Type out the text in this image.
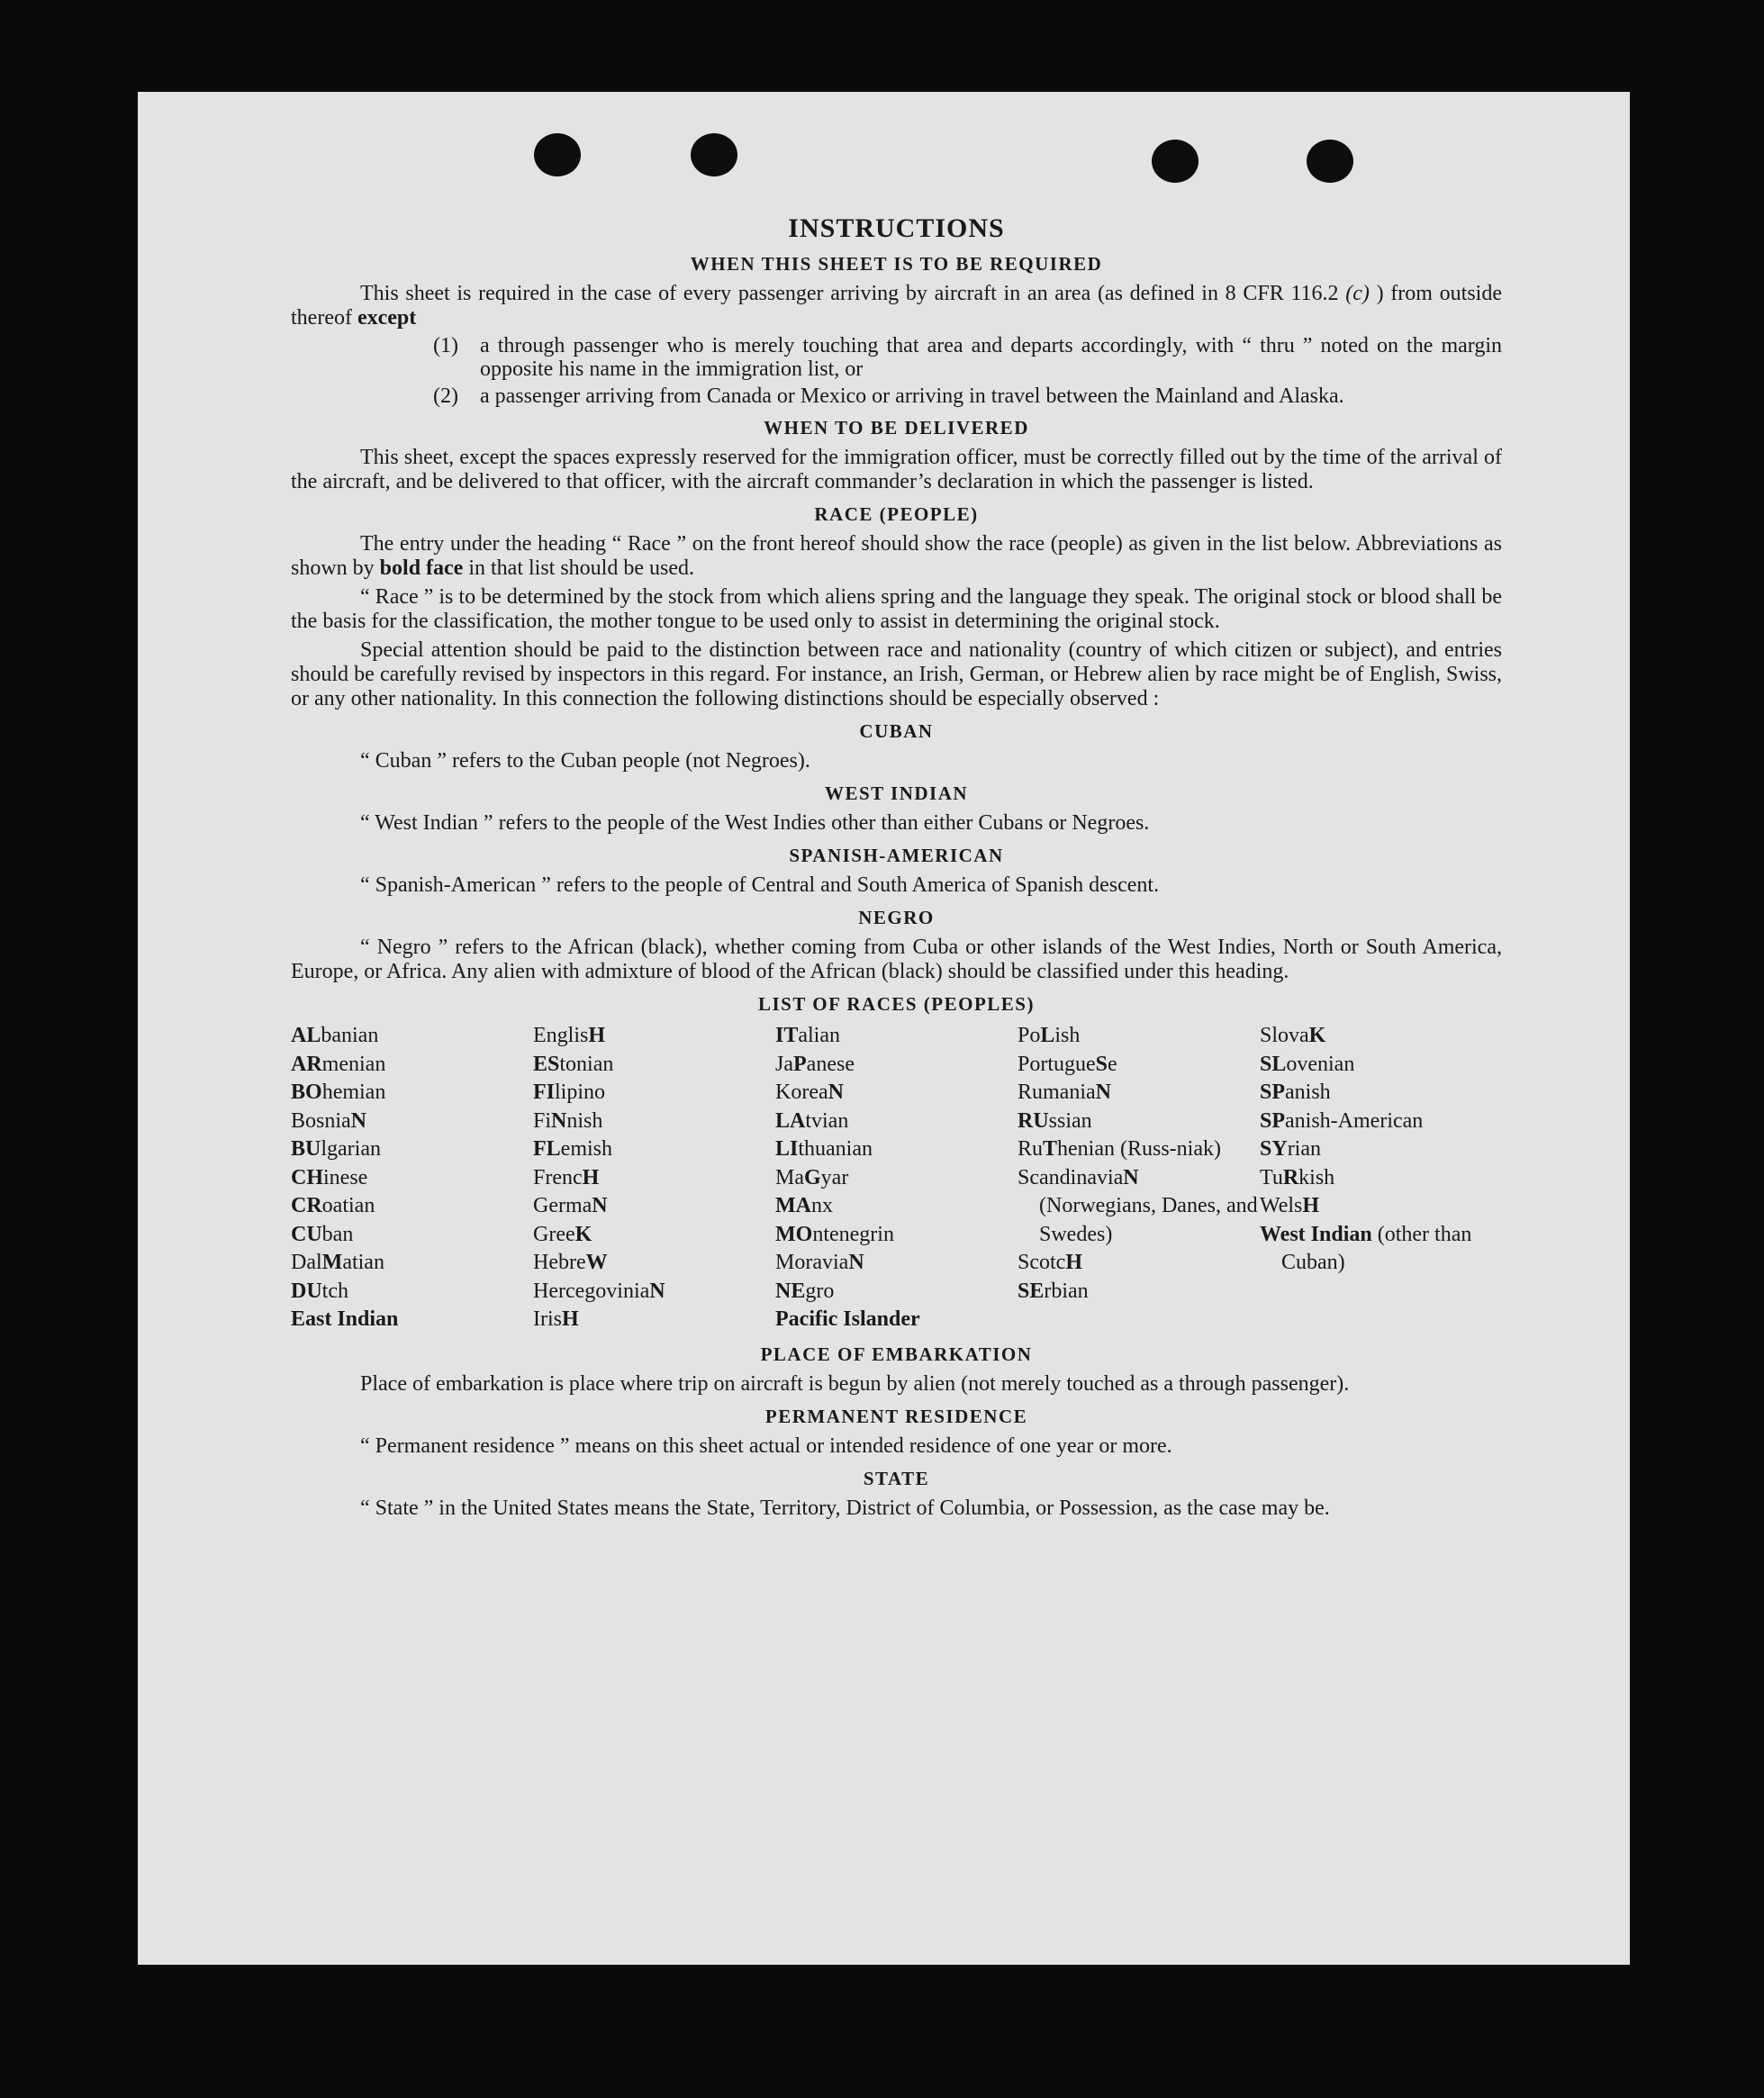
INSTRUCTIONS
WHEN THIS SHEET IS TO BE REQUIRED

This sheet is required in the case of every passenger arriving by aircraft in an area (as defined in 8 CFR 116.2 (c) ) from outside thereof except

(1)	a through passenger who is merely touching that area and departs accordingly, with “ thru ” noted on the margin opposite his name in the immigration list, or
(2)	a passenger arriving from Canada or Mexico or arriving in travel between the Mainland and Alaska.
WHEN TO BE DELIVERED

This sheet, except the spaces expressly reserved for the immigration officer, must be correctly filled out by the time of the arrival of the aircraft, and be delivered to that officer, with the aircraft commander’s declaration in which the passenger is listed.

RACE (PEOPLE)

The entry under the heading “ Race ” on the front hereof should show the race (people) as given in the list below. Abbreviations as shown by bold face in that list should be used.

“ Race ” is to be determined by the stock from which aliens spring and the language they speak. The original stock or blood shall be the basis for the classification, the mother tongue to be used only to assist in determining the original stock.

Special attention should be paid to the distinction between race and nationality (country of which citizen or subject), and entries should be carefully revised by inspectors in this regard. For instance, an Irish, German, or Hebrew alien by race might be of English, Swiss, or any other nationality. In this connection the following distinctions should be especially observed :

CUBAN

“ Cuban ” refers to the Cuban people (not Negroes).

WEST INDIAN

“ West Indian ” refers to the people of the West Indies other than either Cubans or Negroes.

SPANISH-AMERICAN

“ Spanish-American ” refers to the people of Central and South America of Spanish descent.

NEGRO

“ Negro ” refers to the African (black), whether coming from Cuba or other islands of the West Indies, North or South America, Europe, or Africa. Any alien with admixture of blood of the African (black) should be classified under this heading.

LIST OF RACES (PEOPLES)
ALbanian
ARmenian
BOhemian
BosniaN
BUlgarian
CHinese
CRoatian
CUban
DalMatian
DUtch
East Indian
EnglisH
EStonian
FIlipino
FiNnish
FLemish
FrencH
GermaN
GreeK
HebreW
HercegoviniaN
IrisH
ITalian
JaPanese
KoreaN
LAtvian
LIthuanian
MaGyar
MAnx
MOntenegrin
MoraviaN
NEgro
Pacific Islander
PoLish
PortugueSe
RumaniaN
RUssian
RuThenian (Russ-niak)
ScandinaviaN (Norwegians, Danes, and Swedes)
ScotcH
SErbian
SlovaK
SLovenian
SPanish
SPanish-American
SYrian
TuRkish
WelsH
West Indian (other than Cuban)
PLACE OF EMBARKATION

Place of embarkation is place where trip on aircraft is begun by alien (not merely touched as a through passenger).

PERMANENT RESIDENCE

“ Permanent residence ” means on this sheet actual or intended residence of one year or more.

STATE

“ State ” in the United States means the State, Territory, District of Columbia, or Possession, as the case may be.
